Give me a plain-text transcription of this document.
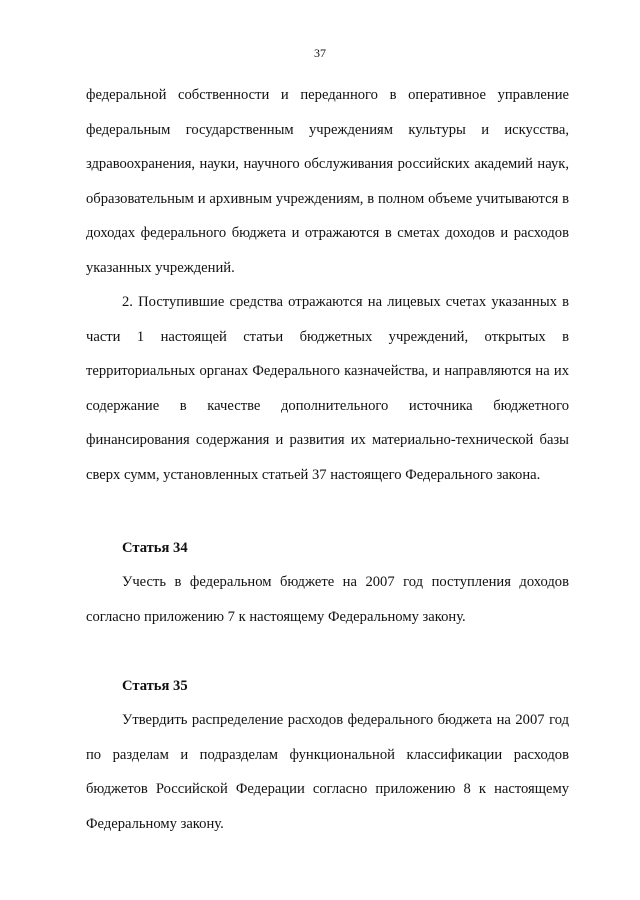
37

федеральной собственности и переданного в оперативное управление федеральным государственным учреждениям культуры и искусства, здравоохранения, науки, научного обслуживания российских академий наук, образовательным и архивным учреждениям, в полном объеме учитываются в доходах федерального бюджета и отражаются в сметах доходов и расходов указанных учреждений.

2. Поступившие средства отражаются на лицевых счетах указанных в части 1 настоящей статьи бюджетных учреждений, открытых в территориальных органах Федерального казначейства, и направляются на их содержание в качестве дополнительного источника бюджетного финансирования содержания и развития их материально-технической базы сверх сумм, установленных статьей 37 настоящего Федерального закона.

Статья 34

Учесть в федеральном бюджете на 2007 год поступления доходов согласно приложению 7 к настоящему Федеральному закону.

Статья 35

Утвердить распределение расходов федерального бюджета на 2007 год по разделам и подразделам функциональной классификации расходов бюджетов Российской Федерации согласно приложению 8 к настоящему Федеральному закону.
